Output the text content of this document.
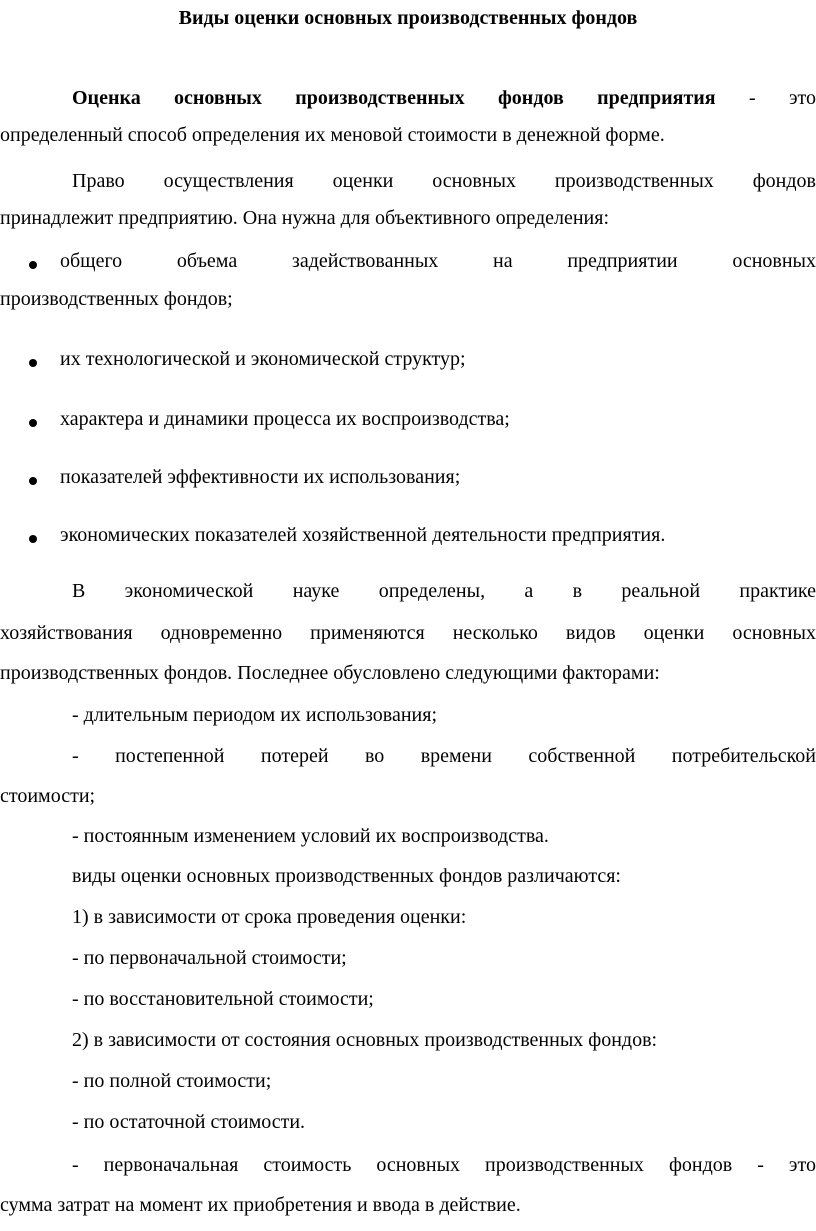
Виды оценки основных производственных фондов
Оценка основных производственных фондов предприятия - это
определенный способ определения их меновой стоимости в денежной форме.
Право осуществления оценки основных производственных фондов
принадлежит предприятию. Она нужна для объективного определения:
общего объема задействованных на предприятии основных
производственных фондов;
их технологической и экономической структур;
характера и динамики процесса их воспроизводства;
показателей эффективности их использования;
экономических показателей хозяйственной деятельности предприятия.
В экономической науке определены, а в реальной практике
хозяйствования одновременно применяются несколько видов оценки основных
производственных фондов. Последнее обусловлено следующими факторами:
- длительным периодом их использования;
- постепенной потерей во времени собственной потребительской
стоимости;
- постоянным изменением условий их воспроизводства.
виды оценки основных производственных фондов различаются:
1) в зависимости от срока проведения оценки:
- по первоначальной стоимости;
- по восстановительной стоимости;
2) в зависимости от состояния основных производственных фондов:
- по полной стоимости;
- по остаточной стоимости.
- первоначальная стоимость основных производственных фондов - это
сумма затрат на момент их приобретения и ввода в действие.
